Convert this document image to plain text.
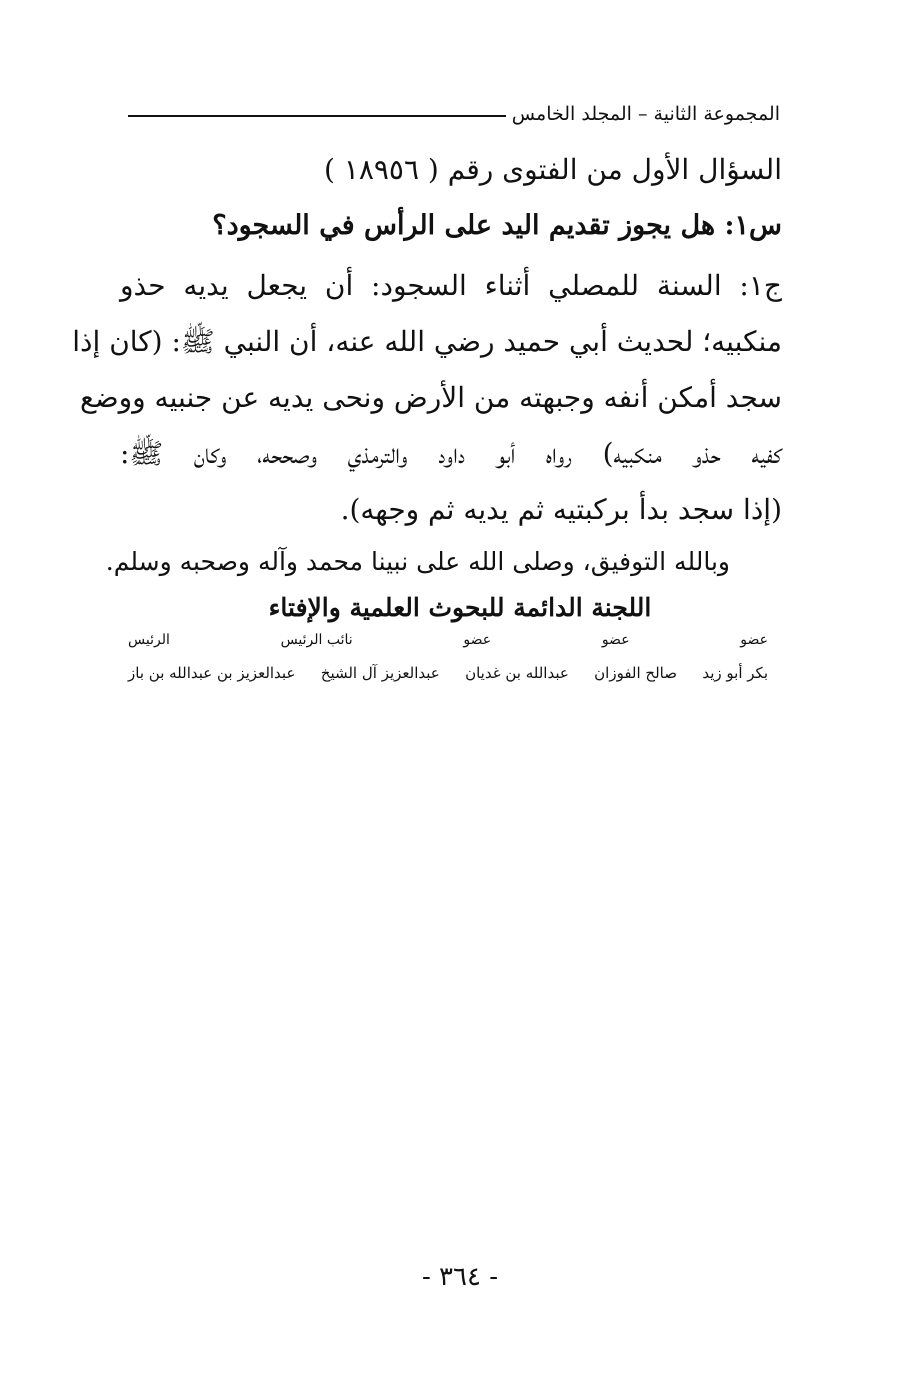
المجموعة الثانية – المجلد الخامس
السؤال الأول من الفتوى رقم ( ١٨٩٥٦ )
س١: هل يجوز تقديم اليد على الرأس في السجود؟
ج١: السنة للمصلي أثناء السجود: أن يجعل يديه حذو
منكبيه؛ لحديث أبي حميد رضي الله عنه، أن النبي ﷺ: (كان إذا
سجد أمكن أنفه وجبهته من الأرض ونحى يديه عن جنبيه ووضع
كفيه حذو منكبيه) رواه أبو داود والترمذي وصححه، وكان ﷺ:
(إذا سجد بدأ بركبتيه ثم يديه ثم وجهه).
وبالله التوفيق، وصلى الله على نبينا محمد وآله وصحبه وسلم.
اللجنة الدائمة للبحوث العلمية والإفتاء
عضو
عضو
عضو
نائب الرئيس
الرئيس
بكر أبو زيد
صالح الفوزان
عبدالله بن غديان
عبدالعزيز آل الشيخ
عبدالعزيز بن عبدالله بن باز
- ٣٦٤ -
